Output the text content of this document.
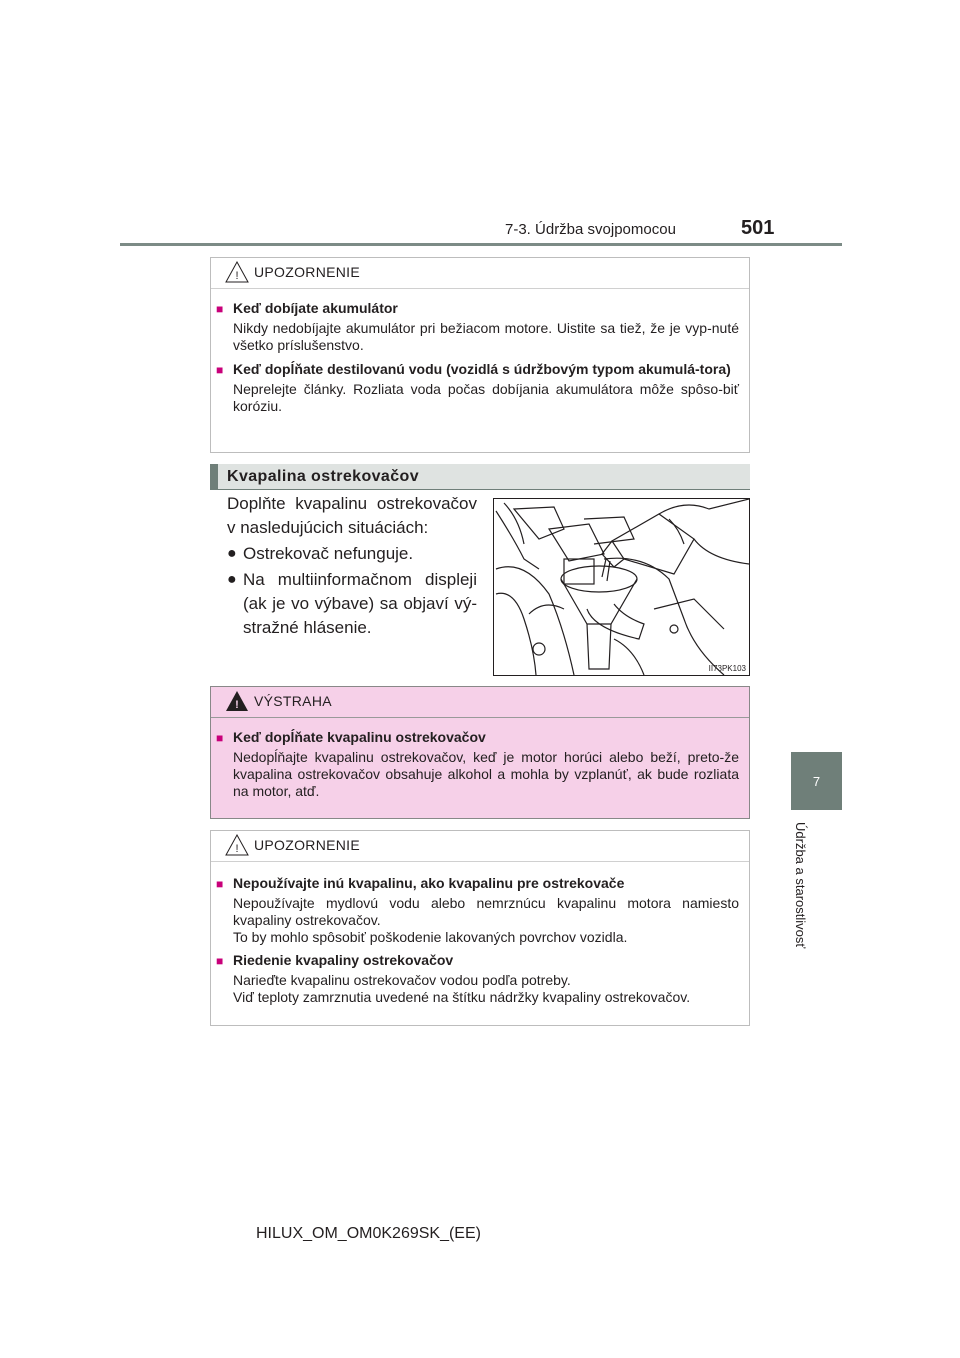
7-3. Údržba svojpomocou	501
7
Údržba a starostlivosť
! UPOZORNENIE
■ Keď dobíjate akumulátor
Nikdy nedobíjajte akumulátor pri bežiacom motore. Uistite sa tiež, že je vyp-nuté všetko príslušenstvo.
■ Keď dopĺňate destilovanú vodu (vozidlá s údržbovým typom akumulá-tora)
Neprelejte články. Rozliata voda počas dobíjania akumulátora môže spôso-biť koróziu.
Kvapalina ostrekovačov
Doplňte kvapalinu ostrekovačov v nasledujúcich situáciách:
● Ostrekovač nefunguje.
● Na multiinformačnom displeji (ak je vo výbave) sa objaví vý-stražné hlásenie.
II73PK103
! VÝSTRAHA
■ Keď dopĺňate kvapalinu ostrekovačov
Nedopĺňajte kvapalinu ostrekovačov, keď je motor horúci alebo beží, preto-že kvapalina ostrekovačov obsahuje alkohol a mohla by vzplanúť, ak bude rozliata na motor, atď.
! UPOZORNENIE
■ Nepoužívajte inú kvapalinu, ako kvapalinu pre ostrekovače
Nepoužívajte mydlovú vodu alebo nemrznúcu kvapalinu motora namiesto kvapaliny ostrekovačov.
To by mohlo spôsobiť poškodenie lakovaných povrchov vozidla.
■ Riedenie kvapaliny ostrekovačov
Narieďte kvapalinu ostrekovačov vodou podľa potreby.
Viď teploty zamrznutia uvedené na štítku nádržky kvapaliny ostrekovačov.
HILUX_OM_OM0K269SK_(EE)
